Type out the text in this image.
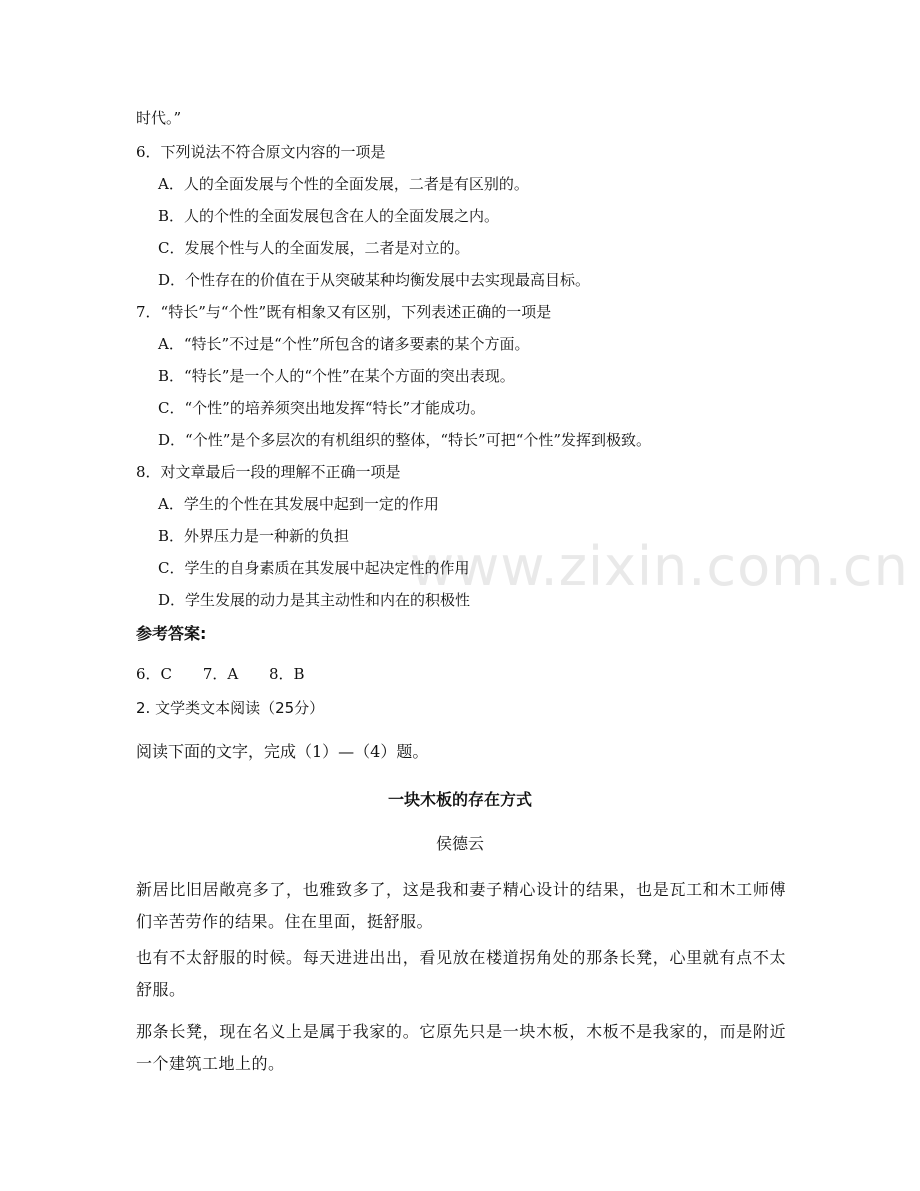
www.zixin.com.cn
时代。”
6．下列说法不符合原文内容的一项是
A．人的全面发展与个性的全面发展，二者是有区别的。
B．人的个性的全面发展包含在人的全面发展之内。
C．发展个性与人的全面发展，二者是对立的。
D．个性存在的价值在于从突破某种均衡发展中去实现最高目标。
7．“特长”与“个性”既有相象又有区别，下列表述正确的一项是
A．“特长”不过是“个性”所包含的诸多要素的某个方面。
B．“特长”是一个人的“个性”在某个方面的突出表现。
C．“个性”的培养须突出地发挥“特长”才能成功。
D．“个性”是个多层次的有机组织的整体，“特长”可把“个性”发挥到极致。
8．对文章最后一段的理解不正确一项是
A．学生的个性在其发展中起到一定的作用
B．外界压力是一种新的负担
C．学生的自身素质在其发展中起决定性的作用
D．学生发展的动力是其主动性和内在的积极性
参考答案:
6．C 7．A 8．B
2. 文学类文本阅读（25分）
阅读下面的文字，完成（1）—（4）题。
一块木板的存在方式
侯德云
新居比旧居敞亮多了，也雅致多了，这是我和妻子精心设计的结果，也是瓦工和木工师傅们辛苦劳作的结果。住在里面，挺舒服。
也有不太舒服的时候。每天进进出出，看见放在楼道拐角处的那条长凳，心里就有点不太舒服。
那条长凳，现在名义上是属于我家的。它原先只是一块木板，木板不是我家的，而是附近一个建筑工地上的。
